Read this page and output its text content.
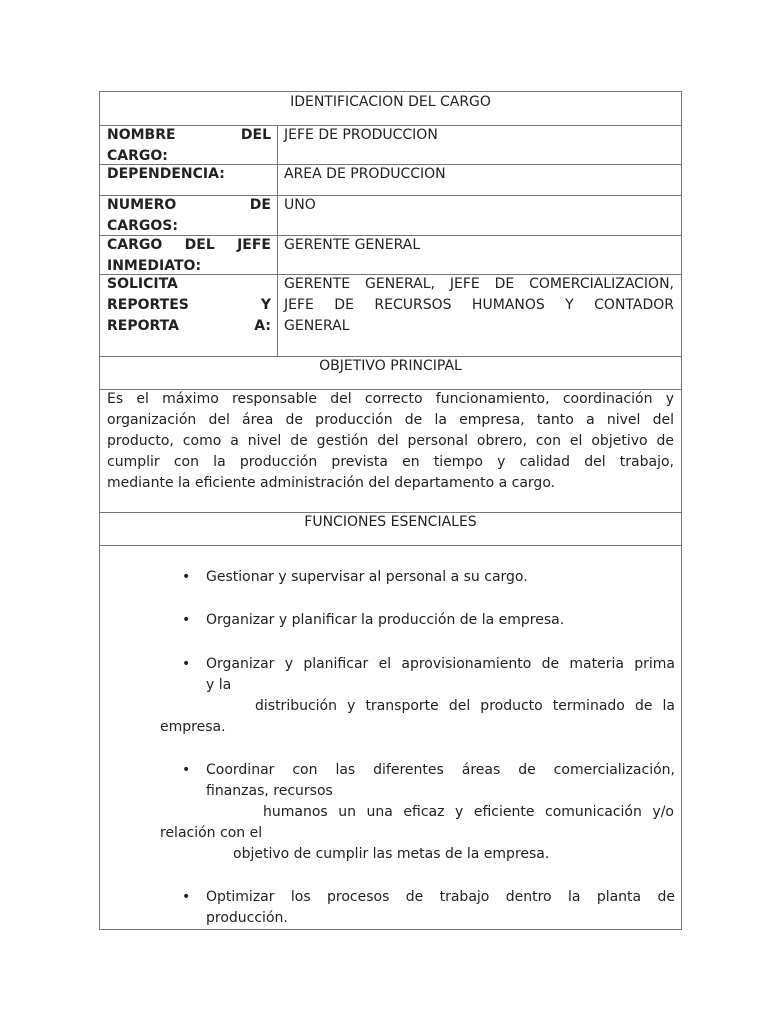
IDENTIFICACION DEL CARGO
NOMBRE DEL
CARGO:
JEFE DE PRODUCCION
DEPENDENCIA:	AREA DE PRODUCCION
NUMERO DE
CARGOS:
UNO
CARGO DEL JEFE
INMEDIATO:
GERENTE GENERAL
SOLICITA
REPORTES Y
REPORTA A:
GERENTE GENERAL, JEFE DE COMERCIALIZACION,
JEFE DE RECURSOS HUMANOS Y CONTADOR
GENERAL
OBJETIVO PRINCIPAL
Es el máximo responsable del correcto funcionamiento, coordinación y
organización del área de producción de la empresa, tanto a nivel del
producto, como a nivel de gestión del personal obrero, con el objetivo de
cumplir con la producción prevista en tiempo y calidad del trabajo,
mediante la eficiente administración del departamento a cargo.
FUNCIONES ESENCIALES
• Gestionar y supervisar al personal a su cargo.
• Organizar y planificar la producción de la empresa.
• Organizar y planificar el aprovisionamiento de materia prima
y la
distribución y transporte del producto terminado de la
empresa.
• Coordinar con las diferentes áreas de comercialización,
finanzas, recursos
humanos un una eficaz y eficiente comunicación y/o
relación con el
objetivo de cumplir las metas de la empresa.
• Optimizar los procesos de trabajo dentro la planta de
producción.
